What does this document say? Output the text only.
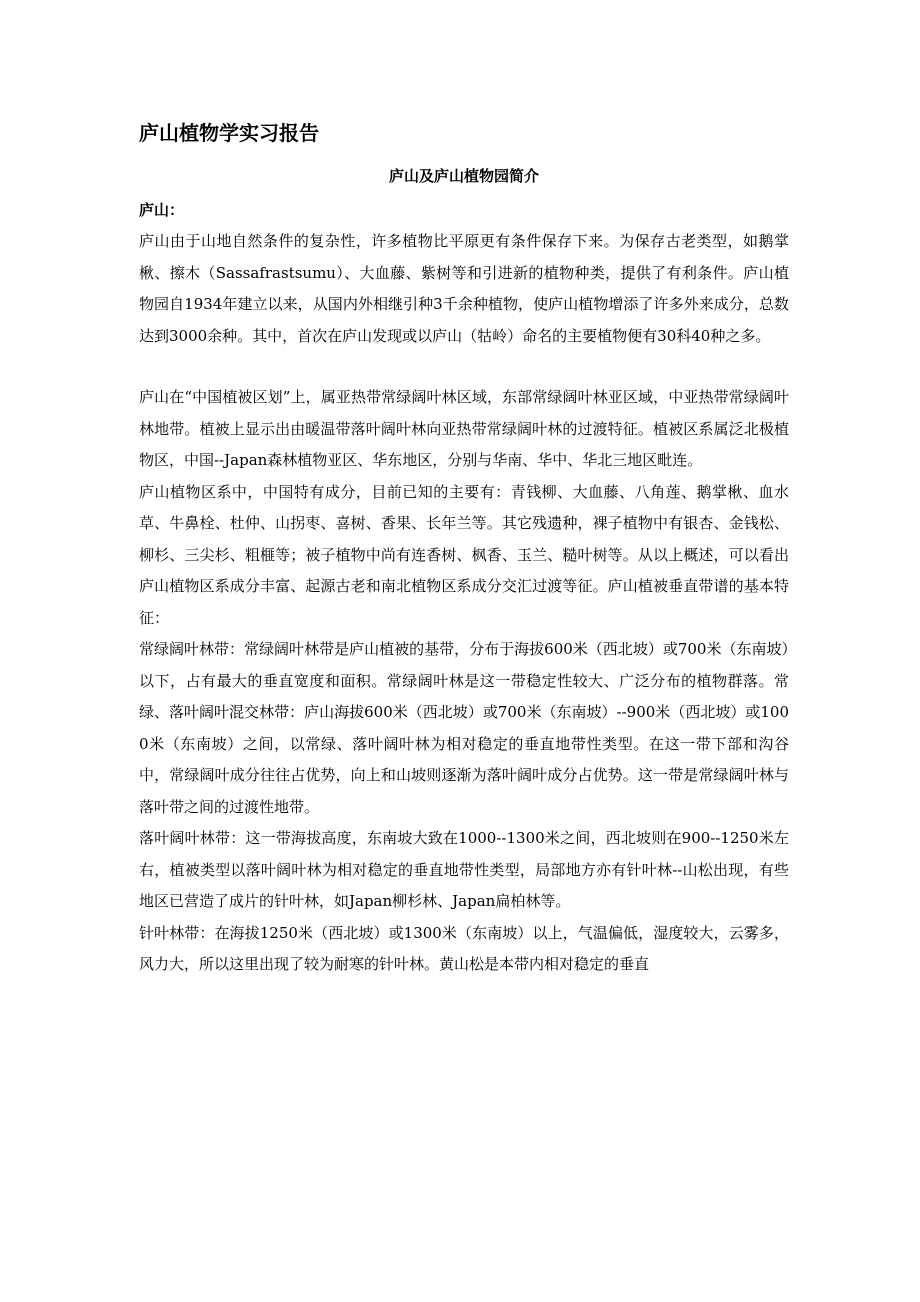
庐山植物学实习报告
庐山及庐山植物园简介
庐山：

庐山由于山地自然条件的复杂性，许多植物比平原更有条件保存下来。为保存古老类型，如鹅掌楸、擦木（Sassafrastsumu）、大血藤、紫树等和引进新的植物种类，提供了有利条件。庐山植物园自1934年建立以来，从国内外相继引种3千余种植物，使庐山植物增添了许多外来成分，总数达到3000余种。其中，首次在庐山发现或以庐山（牯岭）命名的主要植物便有30科40种之多。

庐山在“中国植被区划”上，属亚热带常绿阔叶林区域，东部常绿阔叶林亚区域，中亚热带常绿阔叶林地带。植被上显示出由暖温带落叶阔叶林向亚热带常绿阔叶林的过渡特征。植被区系属泛北极植物区，中国--Japan森林植物亚区、华东地区，分别与华南、华中、华北三地区毗连。

庐山植物区系中，中国特有成分，目前已知的主要有：青钱柳、大血藤、八角莲、鹅掌楸、血水草、牛鼻栓、杜仲、山拐枣、喜树、香果、长年兰等。其它残遗种，裸子植物中有银杏、金钱松、柳杉、三尖杉、粗榧等；被子植物中尚有连香树、枫香、玉兰、糙叶树等。从以上概述，可以看出庐山植物区系成分丰富、起源古老和南北植物区系成分交汇过渡等征。庐山植被垂直带谱的基本特征：

常绿阔叶林带：常绿阔叶林带是庐山植被的基带，分布于海拔600米（西北坡）或700米（东南坡）以下，占有最大的垂直宽度和面积。常绿阔叶林是这一带稳定性较大、广泛分布的植物群落。常绿、落叶阔叶混交林带：庐山海拔600米（西北坡）或700米（东南坡）--900米（西北坡）或1000米（东南坡）之间，以常绿、落叶阔叶林为相对稳定的垂直地带性类型。在这一带下部和沟谷中，常绿阔叶成分往往占优势，向上和山坡则逐渐为落叶阔叶成分占优势。这一带是常绿阔叶林与落叶带之间的过渡性地带。

落叶阔叶林带：这一带海拔高度，东南坡大致在1000--1300米之间，西北坡则在900--1250米左右，植被类型以落叶阔叶林为相对稳定的垂直地带性类型，局部地方亦有针叶林--山松出现，有些地区已营造了成片的针叶林，如Japan柳杉林、Japan扁柏林等。

针叶林带：在海拔1250米（西北坡）或1300米（东南坡）以上，气温偏低，湿度较大，云雾多，风力大，所以这里出现了较为耐寒的针叶林。黄山松是本带内相对稳定的垂直
